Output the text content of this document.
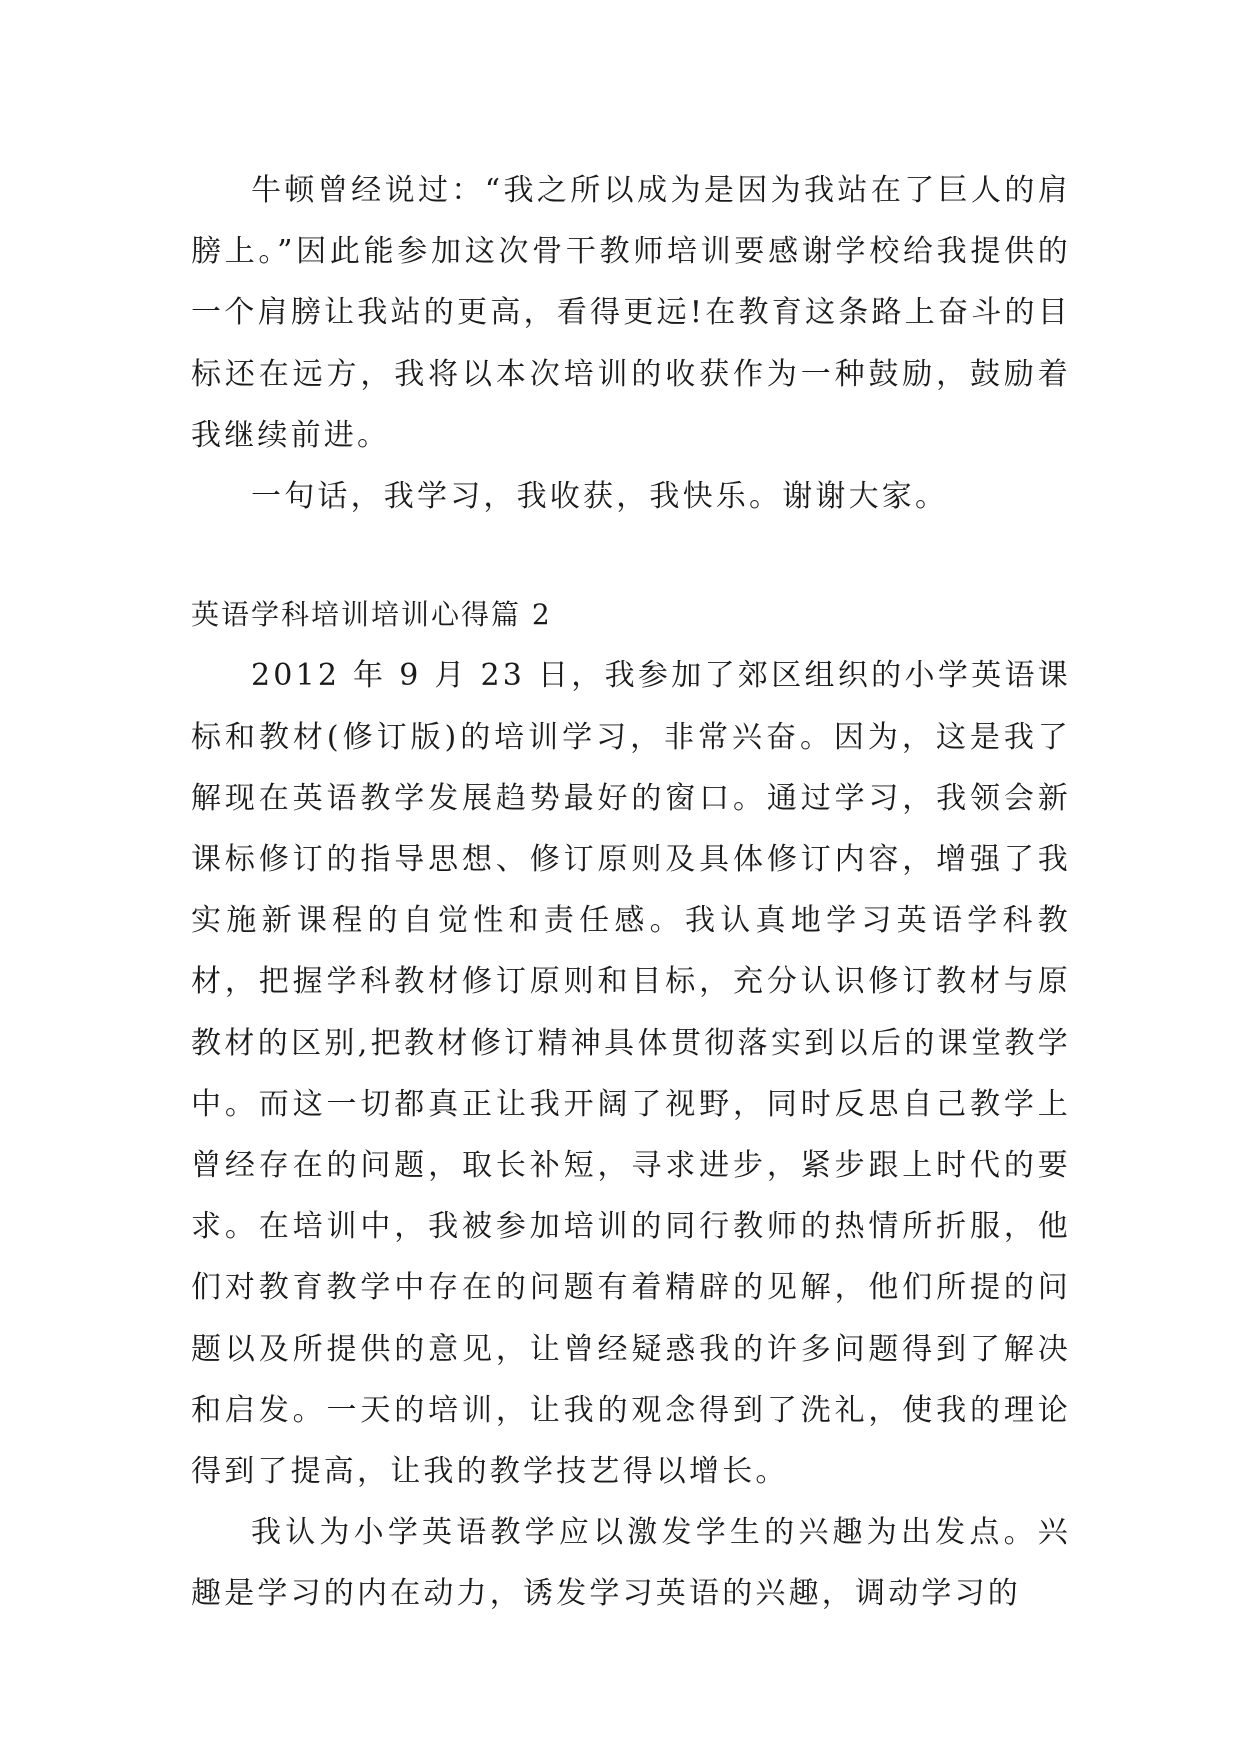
牛顿曾经说过：“我之所以成为是因为我站在了巨人的肩膀上。”因此能参加这次骨干教师培训要感谢学校给我提供的一个肩膀让我站的更高，看得更远!在教育这条路上奋斗的目标还在远方，我将以本次培训的收获作为一种鼓励，鼓励着我继续前进。

一句话，我学习，我收获，我快乐。谢谢大家。

英语学科培训培训心得篇 2

2012 年 9 月 23 日，我参加了郊区组织的小学英语课标和教材(修订版)的培训学习，非常兴奋。因为，这是我了解现在英语教学发展趋势最好的窗口。通过学习，我领会新课标修订的指导思想、修订原则及具体修订内容，增强了我实施新课程的自觉性和责任感。我认真地学习英语学科教材，把握学科教材修订原则和目标，充分认识修订教材与原教材的区别,把教材修订精神具体贯彻落实到以后的课堂教学中。而这一切都真正让我开阔了视野，同时反思自己教学上曾经存在的问题，取长补短，寻求进步，紧步跟上时代的要求。在培训中，我被参加培训的同行教师的热情所折服，他们对教育教学中存在的问题有着精辟的见解，他们所提的问题以及所提供的意见，让曾经疑惑我的许多问题得到了解决和启发。一天的培训，让我的观念得到了洗礼，使我的理论得到了提高，让我的教学技艺得以增长。

我认为小学英语教学应以激发学生的兴趣为出发点。兴趣是学习的内在动力，诱发学习英语的兴趣，调动学习的
